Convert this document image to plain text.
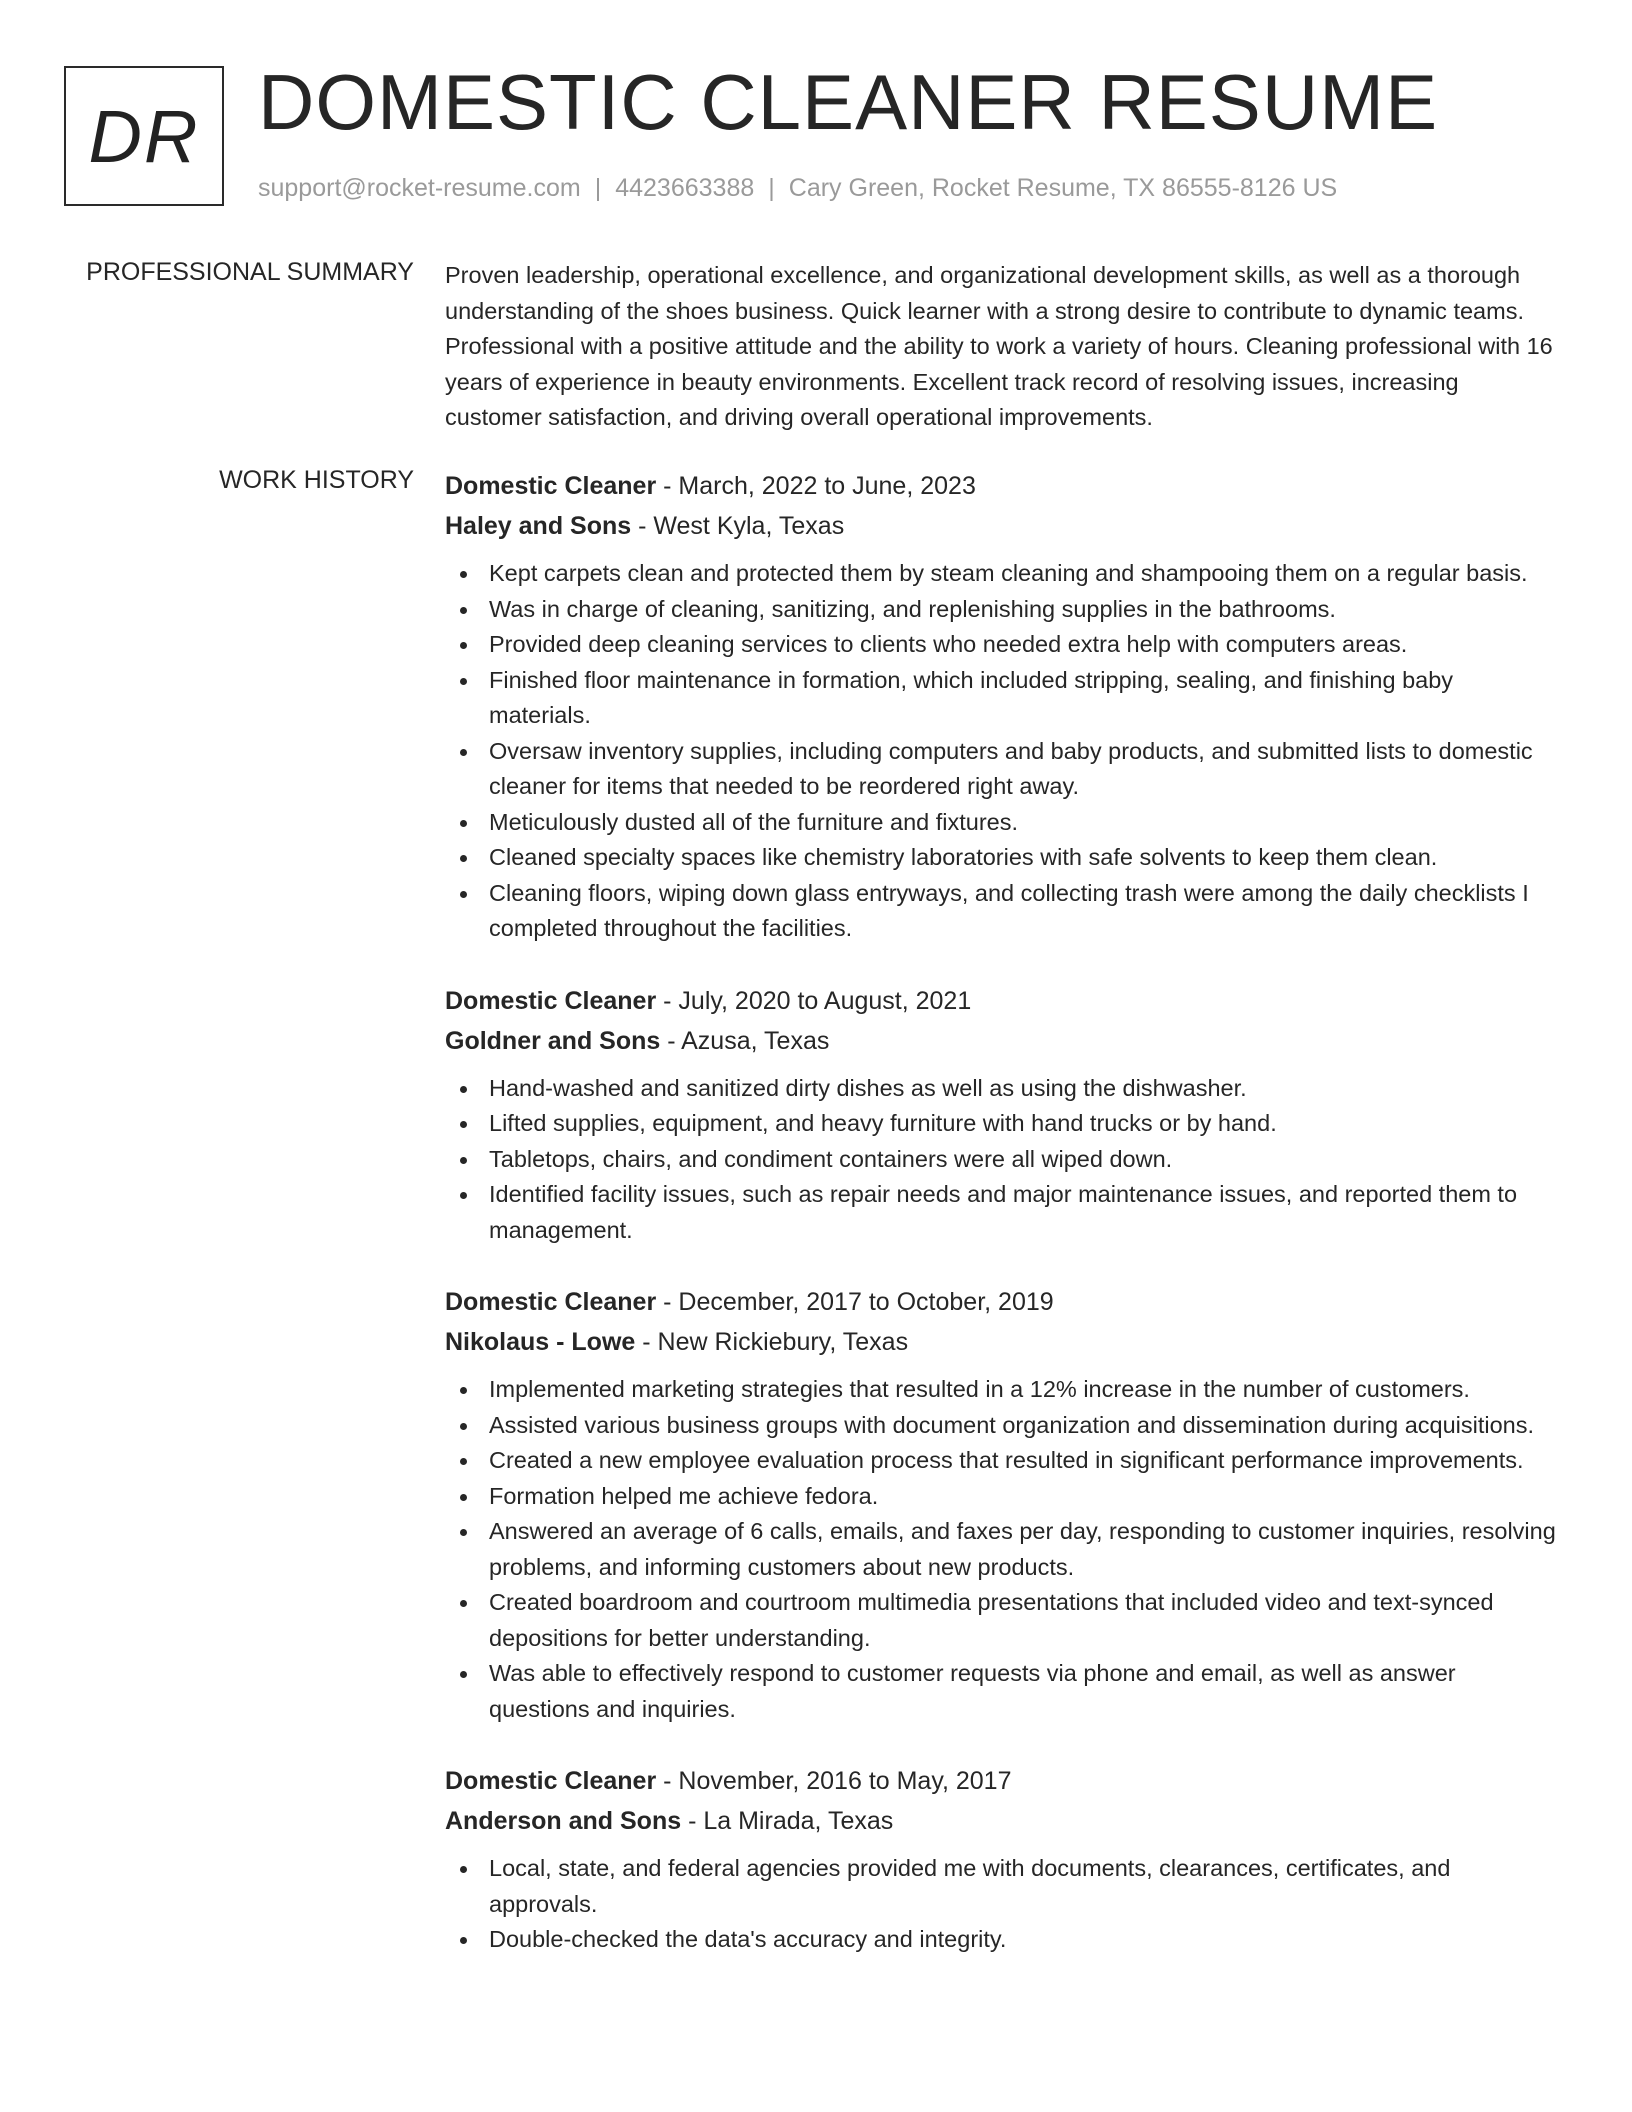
DR DOMESTIC CLEANER RESUME
support@rocket-resume.com | 4423663388 | Cary Green, Rocket Resume, TX 86555-8126 US
PROFESSIONAL SUMMARY Proven leadership, operational excellence, and organizational development skills, as well as a thorough understanding of the shoes business. Quick learner with a strong desire to contribute to dynamic teams. Professional with a positive attitude and the ability to work a variety of hours. Cleaning professional with 16 years of experience in beauty environments. Excellent track record of resolving issues, increasing customer satisfaction, and driving overall operational improvements.
WORK HISTORY Domestic Cleaner - March, 2022 to June, 2023
Haley and Sons - West Kyla, Texas
Kept carpets clean and protected them by steam cleaning and shampooing them on a regular basis.
Was in charge of cleaning, sanitizing, and replenishing supplies in the bathrooms.
Provided deep cleaning services to clients who needed extra help with computers areas.
Finished floor maintenance in formation, which included stripping, sealing, and finishing baby materials.
Oversaw inventory supplies, including computers and baby products, and submitted lists to domestic cleaner for items that needed to be reordered right away.
Meticulously dusted all of the furniture and fixtures.
Cleaned specialty spaces like chemistry laboratories with safe solvents to keep them clean.
Cleaning floors, wiping down glass entryways, and collecting trash were among the daily checklists I completed throughout the facilities.
Domestic Cleaner - July, 2020 to August, 2021
Goldner and Sons - Azusa, Texas
Hand-washed and sanitized dirty dishes as well as using the dishwasher.
Lifted supplies, equipment, and heavy furniture with hand trucks or by hand.
Tabletops, chairs, and condiment containers were all wiped down.
Identified facility issues, such as repair needs and major maintenance issues, and reported them to management.
Domestic Cleaner - December, 2017 to October, 2019
Nikolaus - Lowe - New Rickiebury, Texas
Implemented marketing strategies that resulted in a 12% increase in the number of customers.
Assisted various business groups with document organization and dissemination during acquisitions.
Created a new employee evaluation process that resulted in significant performance improvements.
Formation helped me achieve fedora.
Answered an average of 6 calls, emails, and faxes per day, responding to customer inquiries, resolving problems, and informing customers about new products.
Created boardroom and courtroom multimedia presentations that included video and text-synced depositions for better understanding.
Was able to effectively respond to customer requests via phone and email, as well as answer questions and inquiries.
Domestic Cleaner - November, 2016 to May, 2017
Anderson and Sons - La Mirada, Texas
Local, state, and federal agencies provided me with documents, clearances, certificates, and approvals.
Double-checked the data's accuracy and integrity.
